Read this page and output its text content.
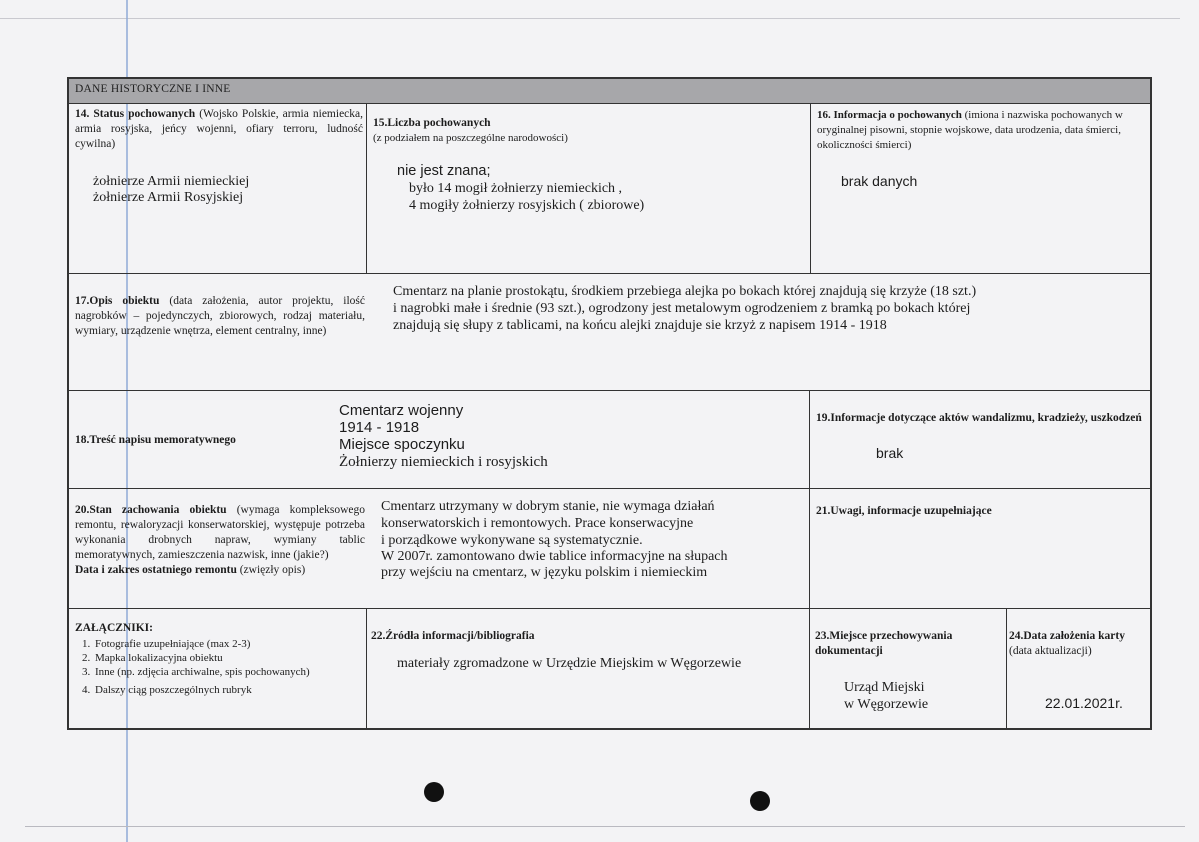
DANE HISTORYCZNE I INNE
14. Status pochowanych (Wojsko Polskie, armia niemiecka, armia rosyjska, jeńcy wojenni, ofiary terroru, ludność cywilna)
żołnierze Armii niemieckiej
żołnierze Armii Rosyjskiej
15.Liczba pochowanych
(z podziałem na poszczególne narodowości)
nie jest znana;
było 14 mogił żołnierzy niemieckich ,
4 mogiły żołnierzy rosyjskich ( zbiorowe)
16. Informacja o pochowanych (imiona i nazwiska pochowanych w oryginalnej pisowni, stopnie wojskowe, data urodzenia, data śmierci, okoliczności śmierci)
brak danych
17.Opis obiektu (data założenia, autor projektu, ilość nagrobków – pojedynczych, zbiorowych, rodzaj materiału, wymiary, urządzenie wnętrza, element centralny, inne)
Cmentarz na planie prostokątu, środkiem przebiega alejka po bokach której znajdują się krzyże (18 szt.)
i nagrobki małe i średnie (93 szt.), ogrodzony jest metalowym ogrodzeniem z bramką po bokach której
znajdują się słupy z tablicami, na końcu alejki znajduje sie krzyż z napisem 1914 - 1918
18.Treść napisu memoratywnego
Cmentarz wojenny
1914 - 1918
Miejsce spoczynku
Żołnierzy niemieckich i rosyjskich
19.Informacje dotyczące aktów wandalizmu, kradzieży, uszkodzeń
brak
20.Stan zachowania obiektu (wymaga kompleksowego remontu, rewaloryzacji konserwatorskiej, występuje potrzeba wykonania drobnych napraw, wymiany tablic memoratywnych, zamieszczenia nazwisk, inne (jakie?)
Data i zakres ostatniego remontu (zwięzły opis)
Cmentarz utrzymany w dobrym stanie, nie wymaga działań
konserwatorskich i remontowych. Prace konserwacyjne
i porządkowe wykonywane są systematycznie.
W 2007r. zamontowano dwie tablice informacyjne na słupach
przy wejściu na cmentarz, w języku polskim i niemieckim
21.Uwagi, informacje uzupełniające
ZAŁĄCZNIKI:
1. Fotografie uzupełniające (max 2-3)
2. Mapka lokalizacyjna obiektu
3. Inne (np. zdjęcia archiwalne, spis pochowanych)
4. Dalszy ciąg poszczególnych rubryk
22.Źródła informacji/bibliografia
materiały zgromadzone w Urzędzie Miejskim w Węgorzewie
23.Miejsce przechowywania dokumentacji
Urząd Miejski
w Węgorzewie
24.Data założenia karty (data aktualizacji)
22.01.2021r.
